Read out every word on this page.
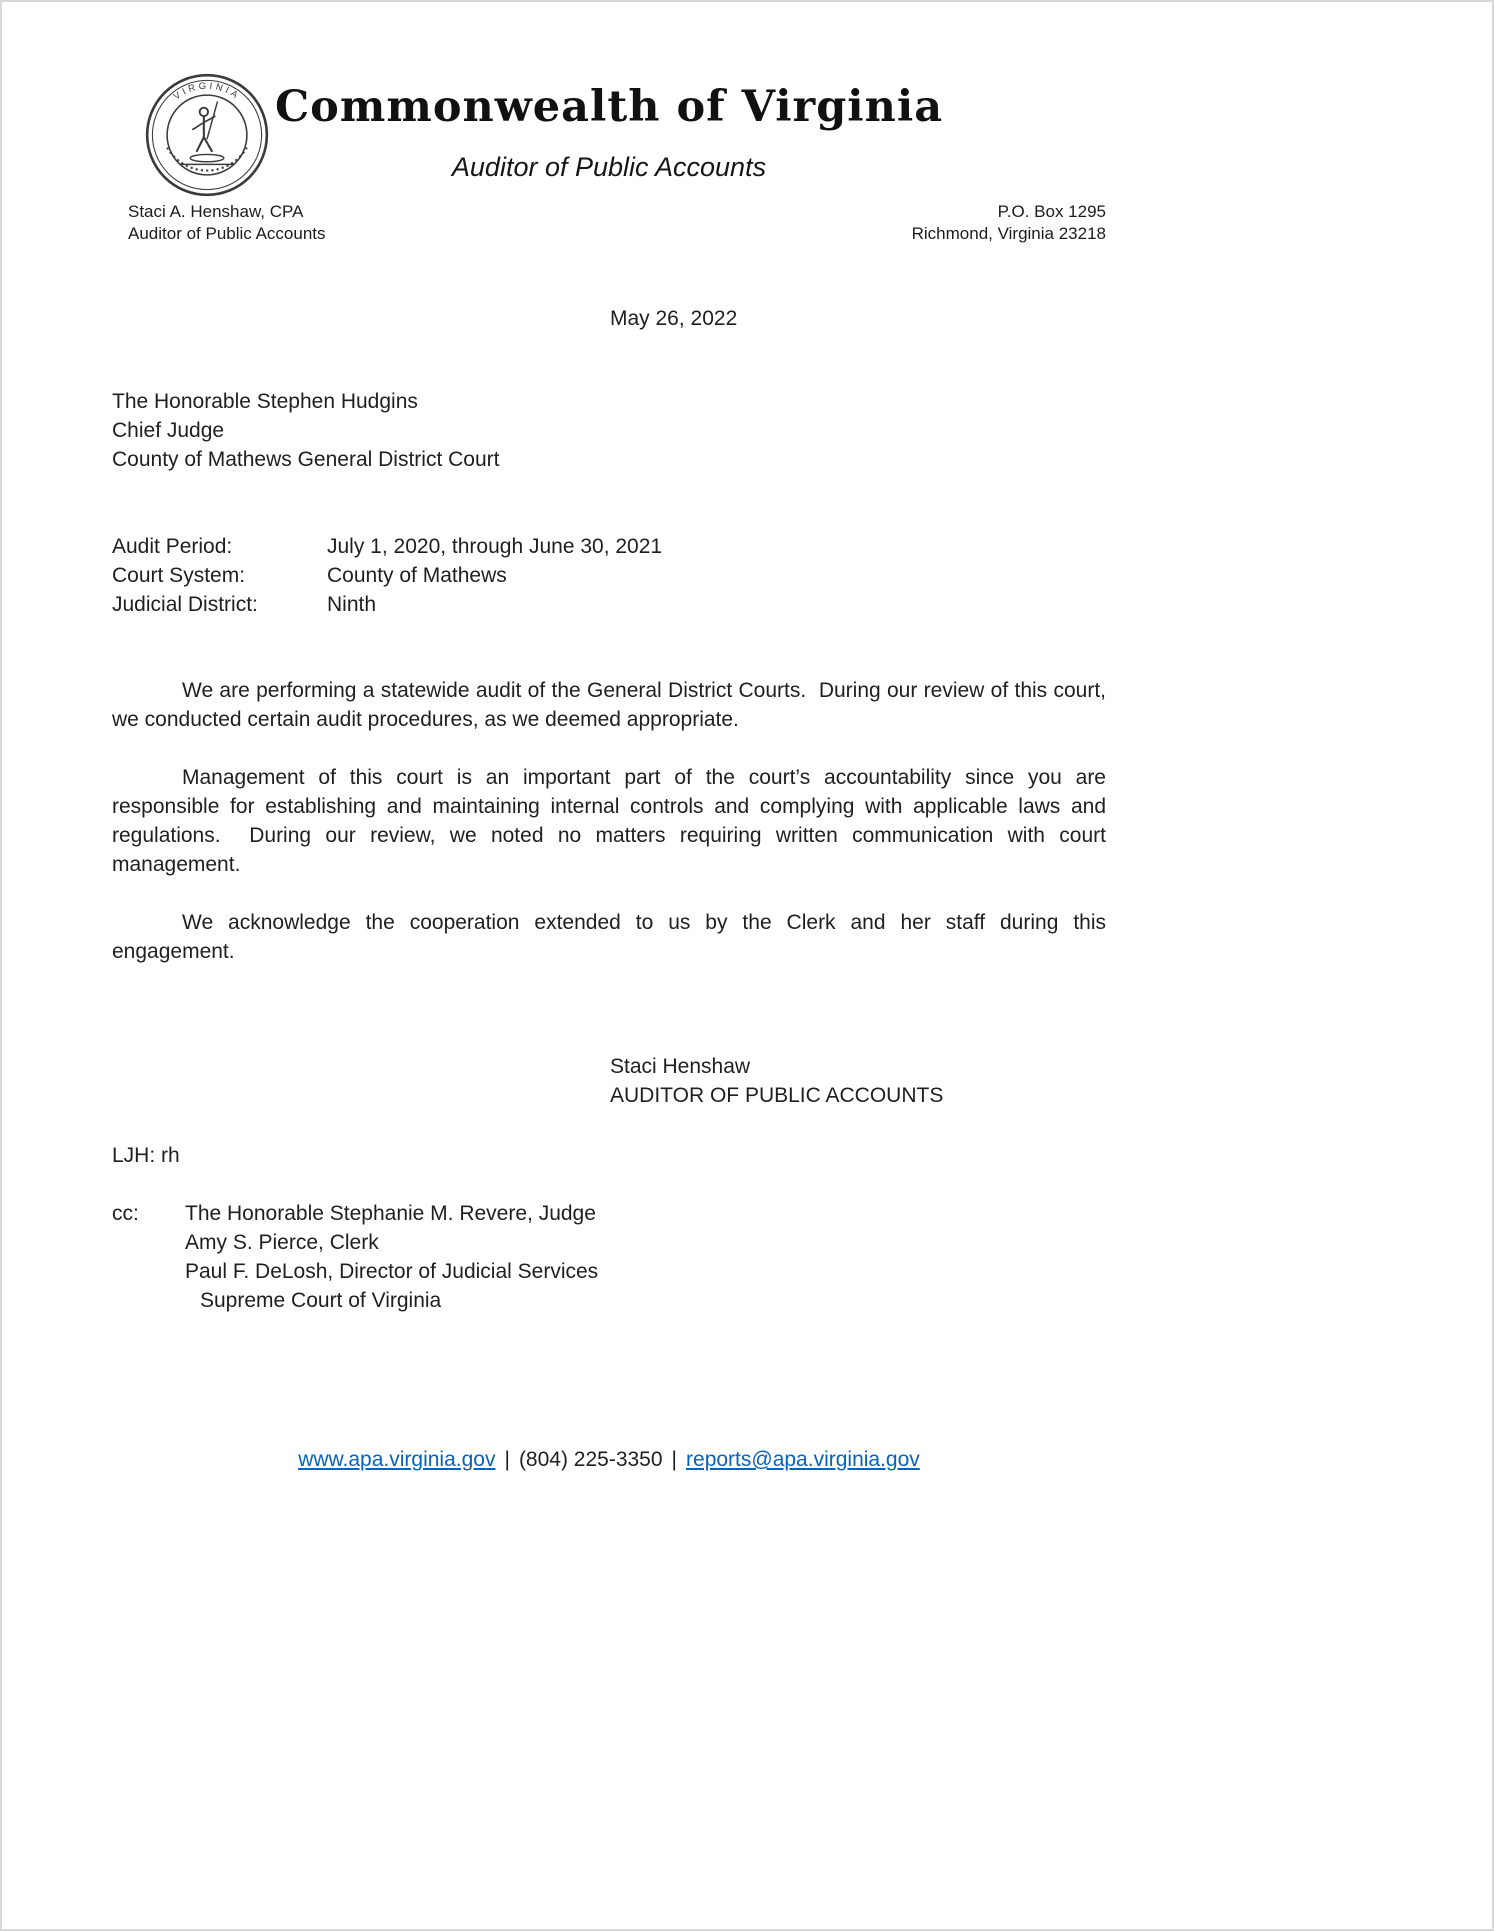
VIRGINIA Commonwealth of Virginia
Auditor of Public Accounts
Staci A. Henshaw, CPA
Auditor of Public Accounts
P.O. Box 1295
Richmond, Virginia 23218
May 26, 2022
The Honorable Stephen Hudgins
Chief Judge
County of Mathews General District Court
Audit Period:	July 1, 2020, through June 30, 2021
Court System:	County of Mathews
Judicial District:	Ninth

We are performing a statewide audit of the General District Courts.  During our review of this court, we conducted certain audit procedures, as we deemed appropriate.

Management of this court is an important part of the court’s accountability since you are responsible for establishing and maintaining internal controls and complying with applicable laws and regulations.  During our review, we noted no matters requiring written communication with court management.

We acknowledge the cooperation extended to us by the Clerk and her staff during this engagement.

Staci Henshaw
AUDITOR OF PUBLIC ACCOUNTS
LJH: rh
cc:	The Honorable Stephanie M. Revere, Judge
Amy S. Pierce, Clerk
Paul F. DeLosh, Director of Judicial Services
Supreme Court of Virginia
www.apa.virginia.gov | (804) 225-3350 | reports@apa.virginia.gov
